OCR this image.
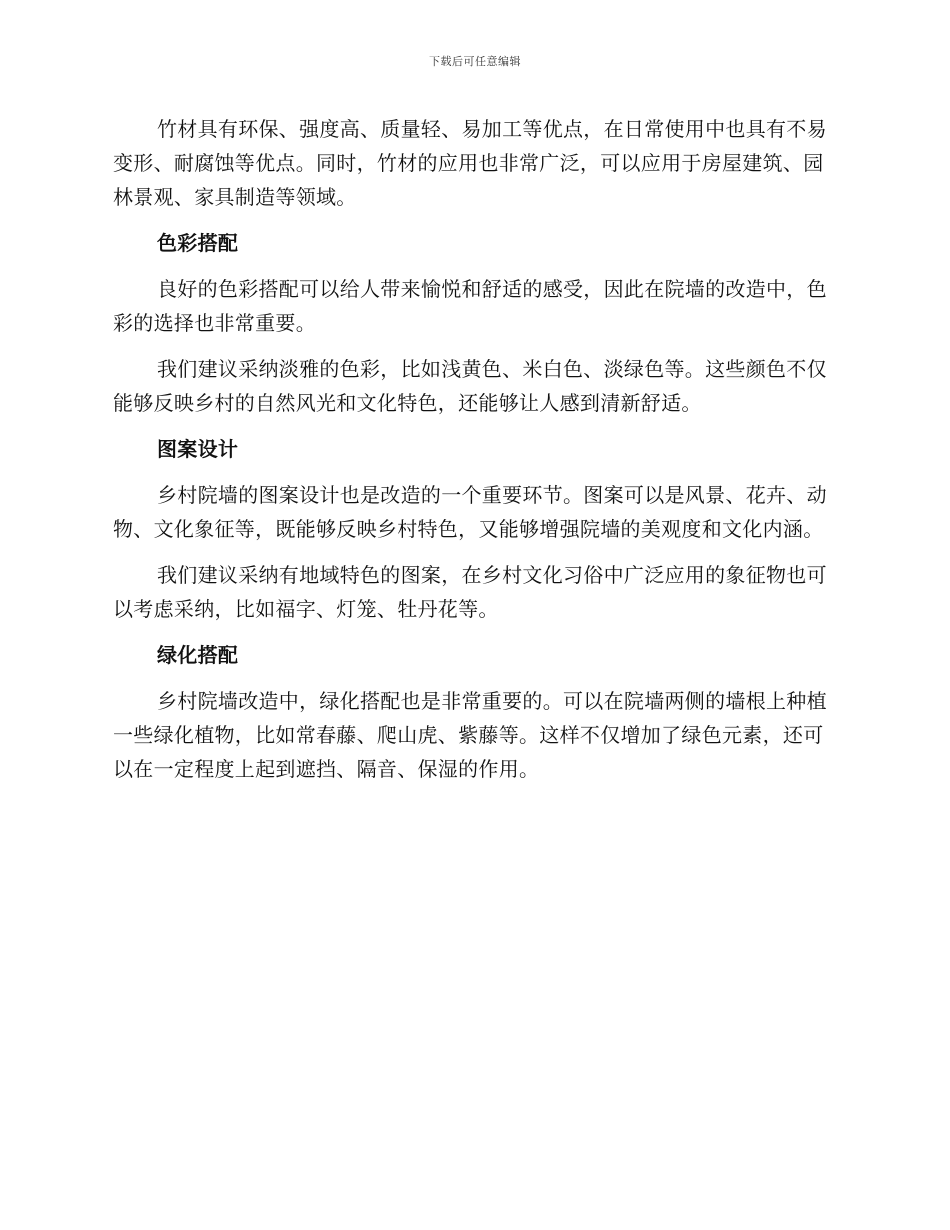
下载后可任意编辑

竹材具有环保、强度高、质量轻、易加工等优点，在日常使用中也具有不易变形、耐腐蚀等优点。同时，竹材的应用也非常广泛，可以应用于房屋建筑、园林景观、家具制造等领域。

色彩搭配

良好的色彩搭配可以给人带来愉悦和舒适的感受，因此在院墙的改造中，色彩的选择也非常重要。

我们建议采纳淡雅的色彩，比如浅黄色、米白色、淡绿色等。这些颜色不仅能够反映乡村的自然风光和文化特色，还能够让人感到清新舒适。

图案设计

乡村院墙的图案设计也是改造的一个重要环节。图案可以是风景、花卉、动物、文化象征等，既能够反映乡村特色，又能够增强院墙的美观度和文化内涵。

我们建议采纳有地域特色的图案，在乡村文化习俗中广泛应用的象征物也可以考虑采纳，比如福字、灯笼、牡丹花等。

绿化搭配

乡村院墙改造中，绿化搭配也是非常重要的。可以在院墙两侧的墙根上种植一些绿化植物，比如常春藤、爬山虎、紫藤等。这样不仅增加了绿色元素，还可以在一定程度上起到遮挡、隔音、保湿的作用。
